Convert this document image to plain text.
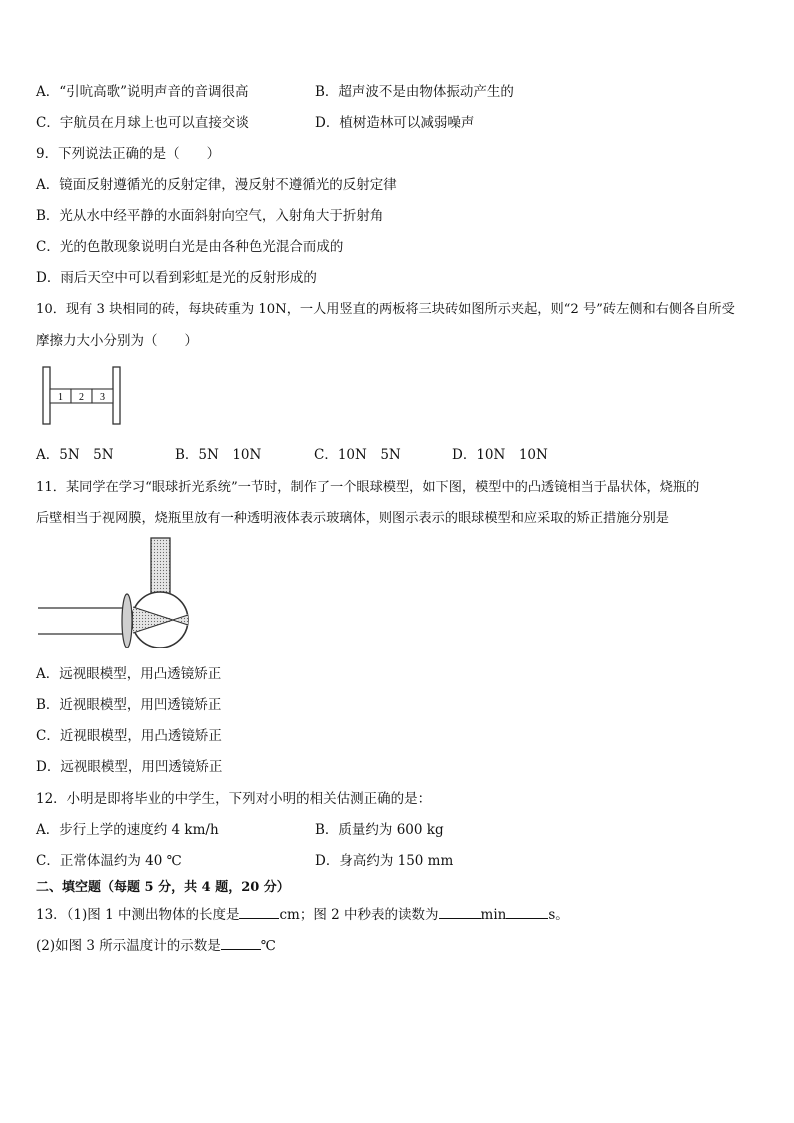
A．“引吭高歌”说明声音的音调很高	B．超声波不是由物体振动产生的
C．宇航员在月球上也可以直接交谈	D．植树造林可以减弱噪声
9．下列说法正确的是（　　）
A．镜面反射遵循光的反射定律，漫反射不遵循光的反射定律
B．光从水中经平静的水面斜射向空气，入射角大于折射角
C．光的色散现象说明白光是由各种色光混合而成的
D．雨后天空中可以看到彩虹是光的反射形成的
10．现有 3 块相同的砖，每块砖重为 10N，一人用竖直的两板将三块砖如图所示夹起，则“2 号”砖左侧和右侧各自所受
摩擦力大小分别为（　　）
1 2 3
A．5N　5N	B．5N　10N	C．10N　5N	D．10N　10N
11．某同学在学习“眼球折光系统”一节时，制作了一个眼球模型，如下图，模型中的凸透镜相当于晶状体，烧瓶的
后壁相当于视网膜，烧瓶里放有一种透明液体表示玻璃体，则图示表示的眼球模型和应采取的矫正措施分别是
A．远视眼模型，用凸透镜矫正
B．近视眼模型，用凹透镜矫正
C．近视眼模型，用凸透镜矫正
D．远视眼模型，用凹透镜矫正
12．小明是即将毕业的中学生，下列对小明的相关估测正确的是：
A．步行上学的速度约 4 km/h	B．质量约为 600 kg
C．正常体温约为 40 ℃	D．身高约为 150 mm
二、填空题（每题 5 分，共 4 题，20 分）
13．（1)图 1 中测出物体的长度是	cm；图 2 中秒表的读数为	min	s。
(2)如图 3 所示温度计的示数是	℃
